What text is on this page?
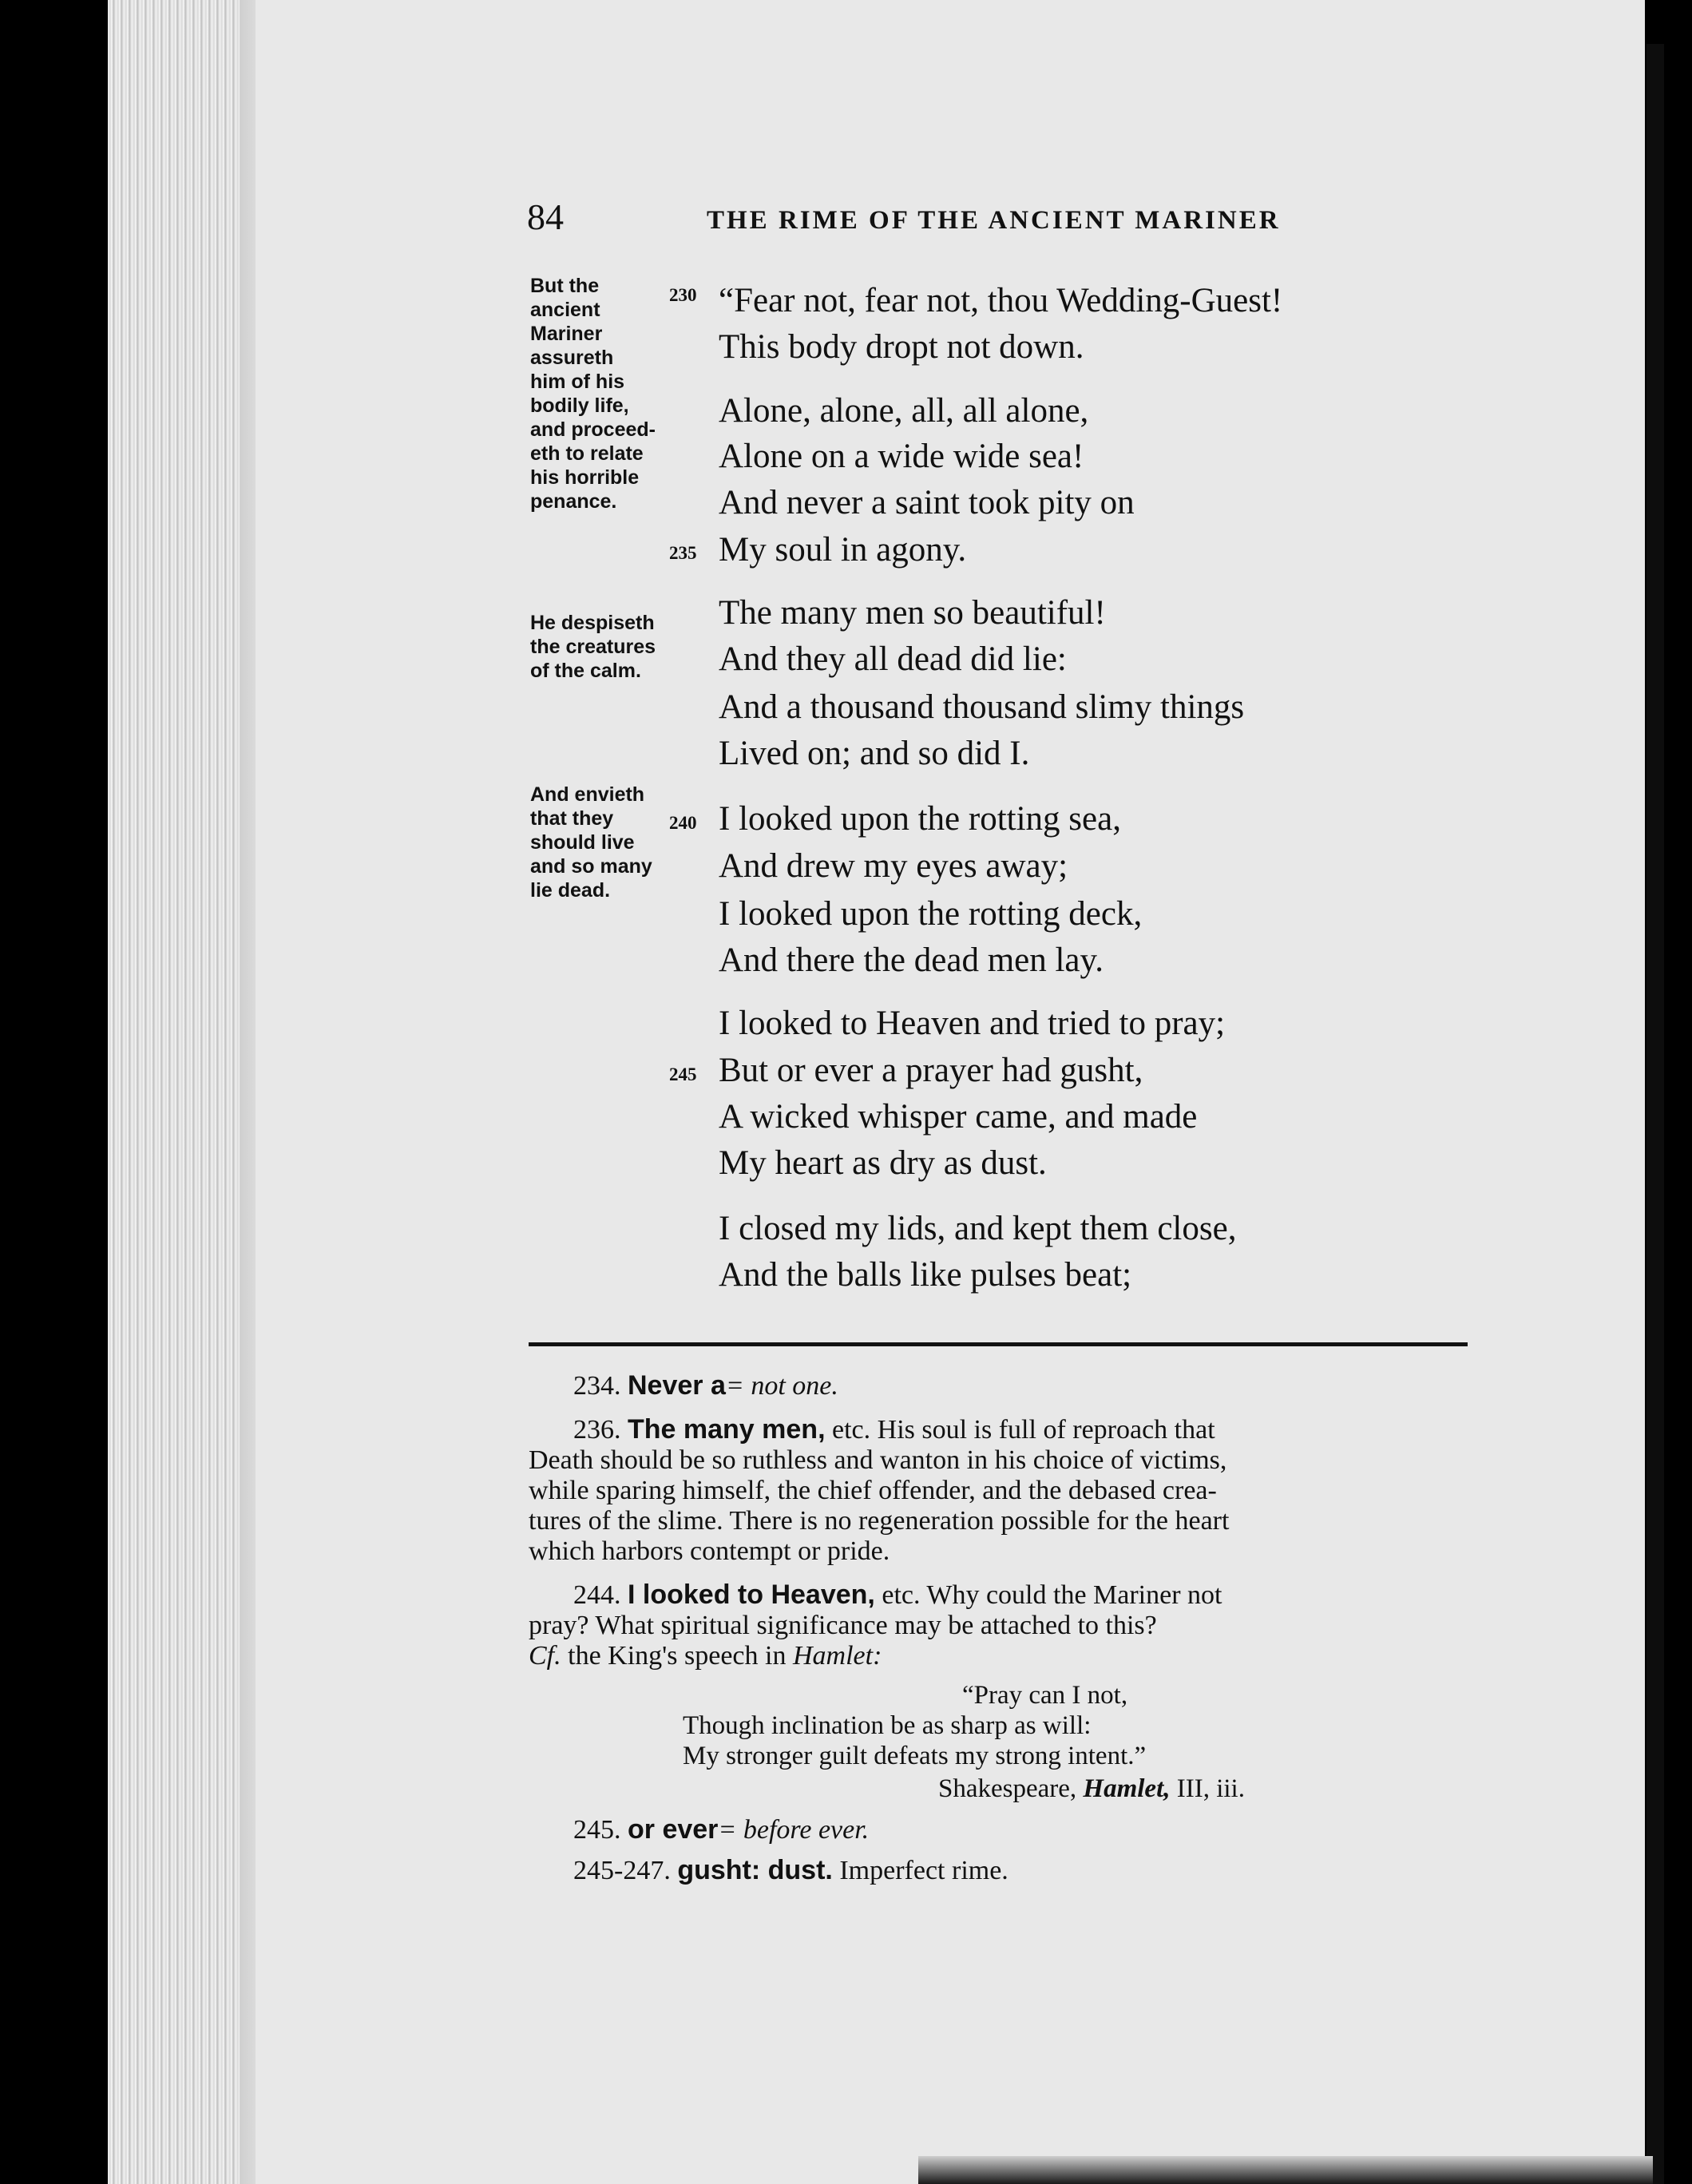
84	THE RIME OF THE ANCIENT MARINER
But the
ancient
Mariner
assureth
him of his
bodily life,
and proceed-
eth to relate
his horrible
penance.
He despiseth
the creatures
of the calm.
And envieth
that they
should live
and so many
lie dead.
230
235
240
245
“Fear not, fear not, thou Wedding-Guest!
This body dropt not down.
Alone, alone, all, all alone,
Alone on a wide wide sea!
And never a saint took pity on
My soul in agony.
The many men so beautiful!
And they all dead did lie:
And a thousand thousand slimy things
Lived on; and so did I.
I looked upon the rotting sea,
And drew my eyes away;
I looked upon the rotting deck,
And there the dead men lay.
I looked to Heaven and tried to pray;
But or ever a prayer had gusht,
A wicked whisper came, and made
My heart as dry as dust.
I closed my lids, and kept them close,
And the balls like pulses beat;
234. Never a= not one.
236. The many men, etc. His soul is full of reproach that
Death should be so ruthless and wanton in his choice of victims,
while sparing himself, the chief offender, and the debased crea-
tures of the slime. There is no regeneration possible for the heart
which harbors contempt or pride.
244. I looked to Heaven, etc. Why could the Mariner not
pray? What spiritual significance may be attached to this?
Cf. the King's speech in Hamlet:
“Pray can I not,
Though inclination be as sharp as will:
My stronger guilt defeats my strong intent.”
Shakespeare, Hamlet, III, iii.
245. or ever= before ever.
245-247. gusht: dust. Imperfect rime.
